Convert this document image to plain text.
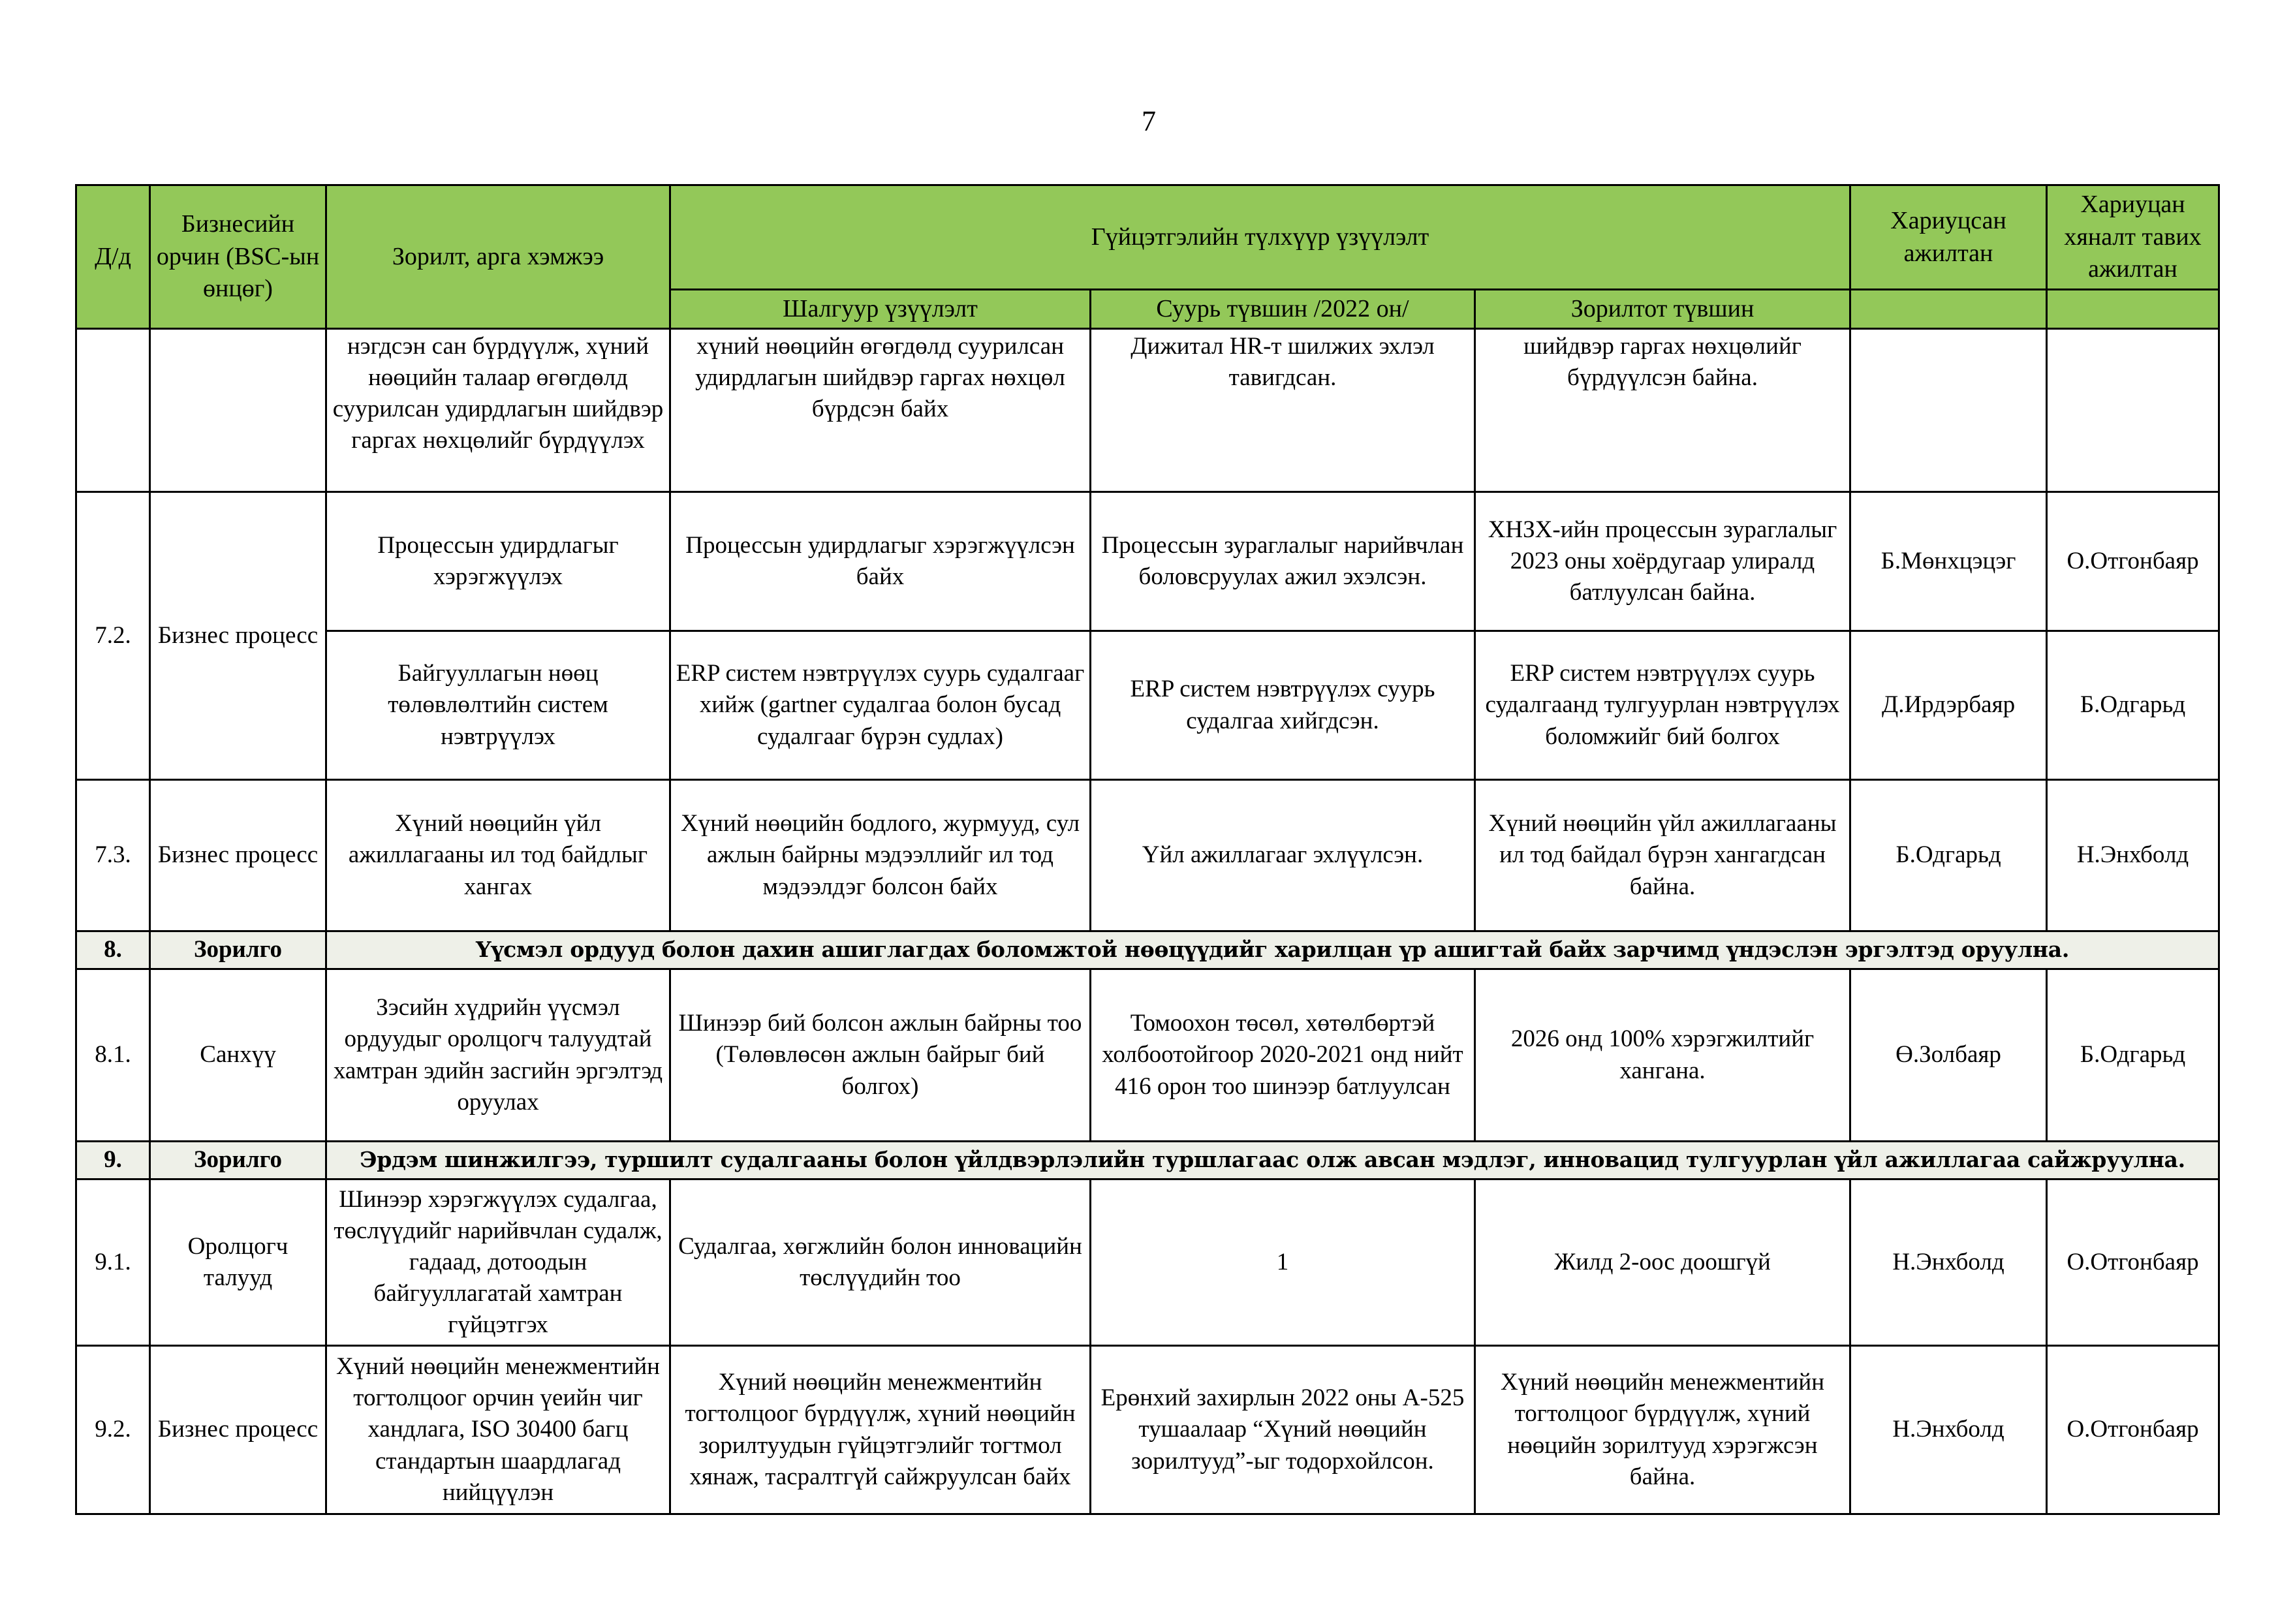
7
Д/д	Бизнесийн орчин (BSC-ын өнцөг)	Зорилт, арга хэмжээ	Гүйцэтгэлийн түлхүүр үзүүлэлт			Хариуцсан ажилтан	Хариуцан хяналт тавих ажилтан
			Шалгуур үзүүлэлт	Суурь түвшин /2022 он/	Зорилтот түвшин		
		нэгдсэн сан бүрдүүлж, хүний нөөцийн талаар өгөгдөлд суурилсан удирдлагын шийдвэр гаргах нөхцөлийг бүрдүүлэх	хүний нөөцийн өгөгдөлд суурилсан удирдлагын шийдвэр гаргах нөхцөл бүрдсэн байх	Дижитал HR-т шилжих эхлэл тавигдсан.	шийдвэр гаргах нөхцөлийг бүрдүүлсэн байна.		
7.2.	Бизнес процесс	Процессын удирдлагыг хэрэгжүүлэх	Процессын удирдлагыг хэрэгжүүлсэн байх	Процессын зураглалыг нарийвчлан боловсруулах ажил эхэлсэн.	ХНЗХ-ийн процессын зураглалыг 2023 оны хоёрдугаар улиралд батлуулсан байна.	Б.Мөнхцэцэг	О.Отгонбаяр
		Байгууллагын нөөц төлөвлөлтийн систем нэвтрүүлэх	ERP систем нэвтрүүлэх суурь судалгааг хийж (gartner судалгаа болон бусад судалгааг бүрэн судлах)	ERP систем нэвтрүүлэх суурь судалгаа хийгдсэн.	ERP систем нэвтрүүлэх суурь судалгаанд тулгуурлан нэвтрүүлэх боломжийг бий болгох	Д.Ирдэрбаяр	Б.Одгарьд
7.3.	Бизнес процесс	Хүний нөөцийн үйл ажиллагааны ил тод байдлыг хангах	Хүний нөөцийн бодлого, журмууд, сул ажлын байрны мэдээллийг ил тод мэдээлдэг болсон байх	Үйл ажиллагааг эхлүүлсэн.	Хүний нөөцийн үйл ажиллагааны ил тод байдал бүрэн хангагдсан байна.	Б.Одгарьд	Н.Энхболд
8.	Зорилго	Үүсмэл ордууд болон дахин ашиглагдах боломжтой нөөцүүдийг харилцан үр ашигтай байх зарчимд үндэслэн эргэлтэд оруулна.					
8.1.	Санхүү	Зэсийн хүдрийн үүсмэл ордуудыг оролцогч талуудтай хамтран эдийн засгийн эргэлтэд оруулах	Шинээр бий болсон ажлын байрны тоо (Төлөвлөсөн ажлын байрыг бий болгох)	Томоохон төсөл, хөтөлбөртэй холбоотойгоор 2020-2021 онд нийт 416 орон тоо шинээр батлуулсан	2026 онд 100% хэрэгжилтийг хангана.	Ө.Золбаяр	Б.Одгарьд
9.	Зорилго	Эрдэм шинжилгээ, туршилт судалгааны болон үйлдвэрлэлийн туршлагаас олж авсан мэдлэг, инновацид тулгуурлан үйл ажиллагаа сайжруулна.					
9.1.	Оролцогч талууд	Шинээр хэрэгжүүлэх судалгаа, төслүүдийг нарийвчлан судалж, гадаад, дотоодын байгууллагатай хамтран гүйцэтгэх	Судалгаа, хөгжлийн болон инновацийн төслүүдийн тоо	1	Жилд 2-оос доошгүй	Н.Энхболд	О.Отгонбаяр
9.2.	Бизнес процесс	Хүний нөөцийн менежментийн тогтолцоог орчин үеийн чиг хандлага, ISO 30400 багц стандартын шаардлагад нийцүүлэн	Хүний нөөцийн менежментийн тогтолцоог бүрдүүлж, хүний нөөцийн зорилтуудын гүйцэтгэлийг тогтмол хянаж, тасралтгүй сайжруулсан байх	Ерөнхий захирлын 2022 оны А-525 тушаалаар “Хүний нөөцийн зорилтууд”-ыг тодорхойлсон.	Хүний нөөцийн менежментийн тогтолцоог бүрдүүлж, хүний нөөцийн зорилтууд хэрэгжсэн байна.	Н.Энхболд	О.Отгонбаяр
